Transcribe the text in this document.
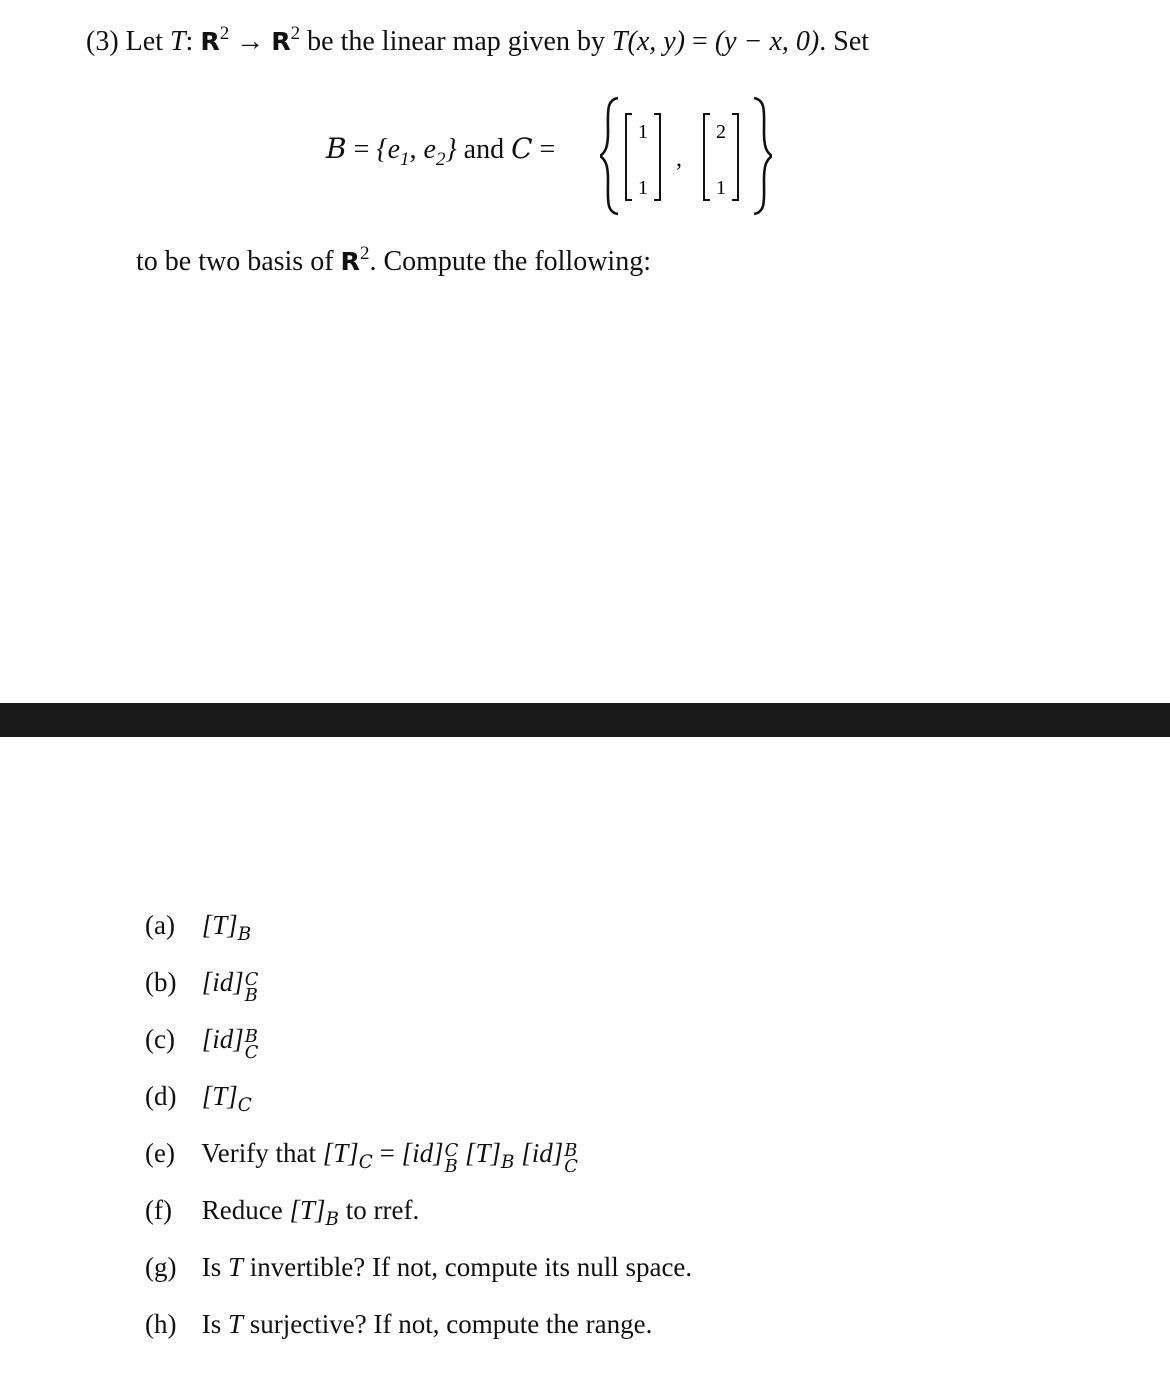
(3) Let T: $R^2 \to R^2$ be the linear map given by T(x, y) = (y − x, 0). Set
$B = \{e_1$, $e_2$} and C =	,
1
1
2
1
to be two basis of $R^2$. Compute the following:
(a) $[T]_B$
(b) [id] C
B
(c) [id] B
C
(d) $[T]_C$
(e) Verify that $[T]_C = [id]$ C
B $[T]_B$ [id] B
C
(f) Reduce $[T]_B$ to rref.
(g) Is T invertible? If not, compute its null space.
(h) Is T surjective? If not, compute the range.
